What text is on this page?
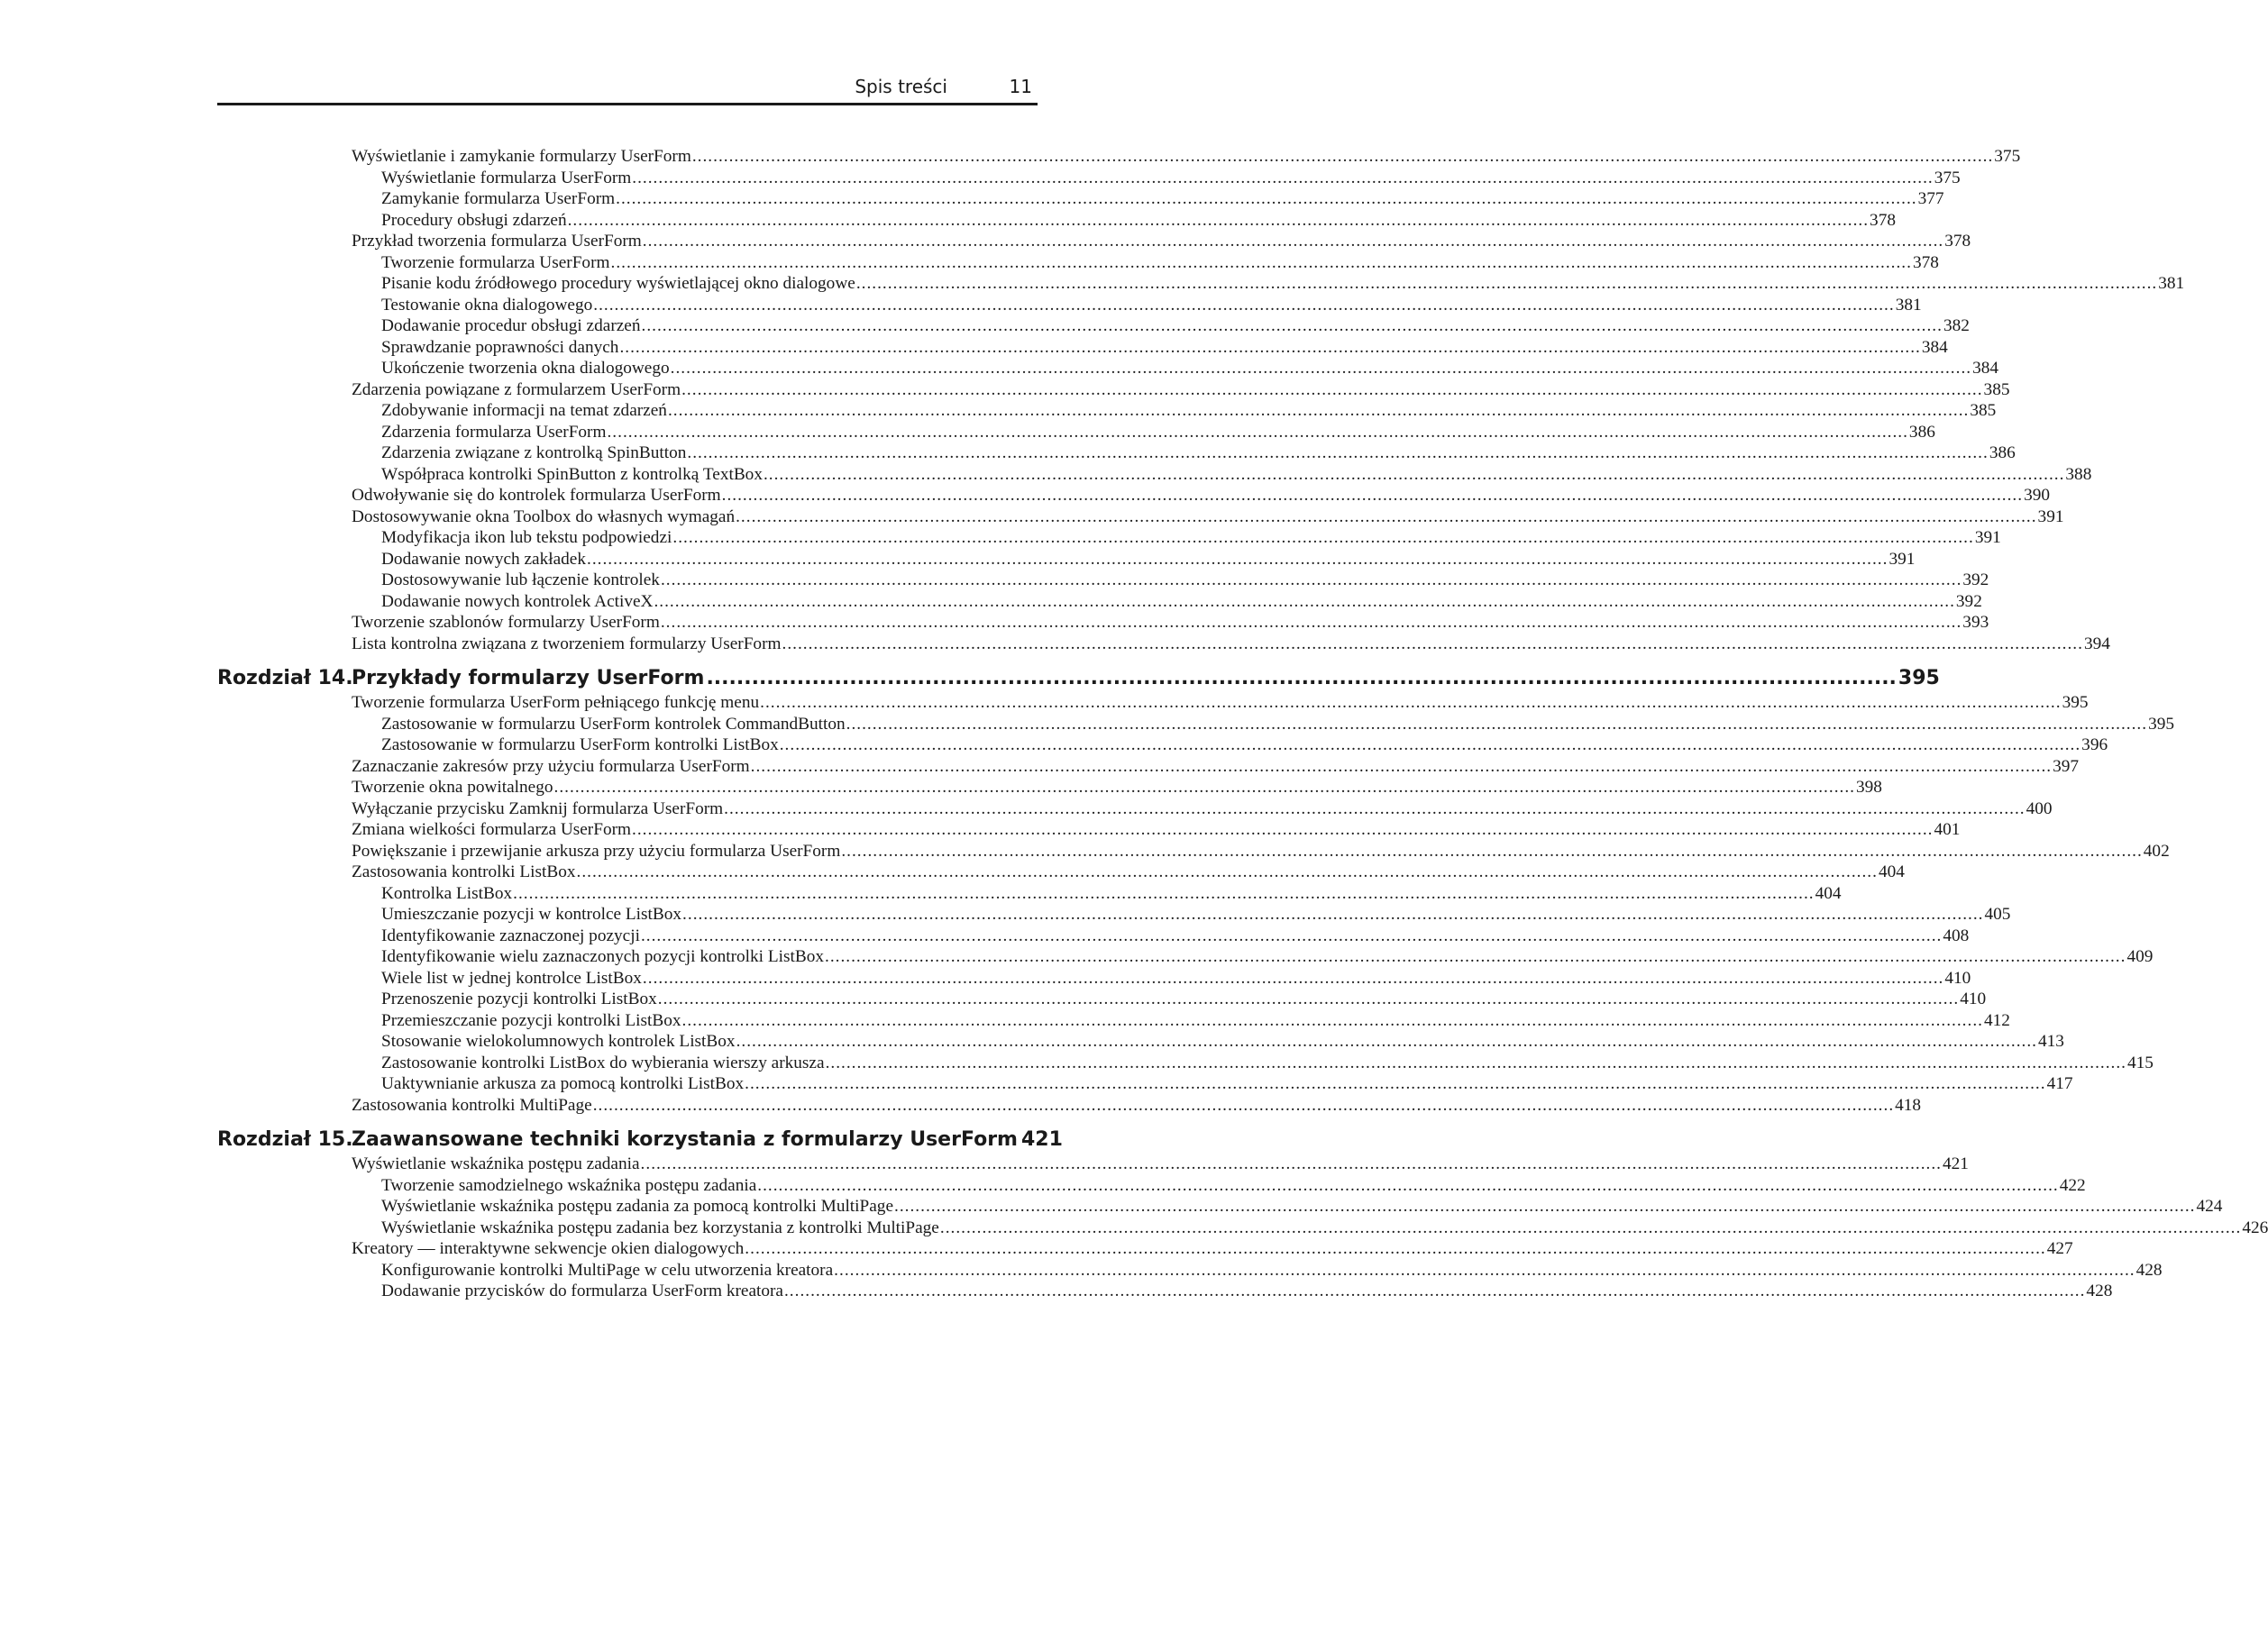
Spis treści	11
Wyświetlanie i zamykanie formularzy UserForm .....	375
Wyświetlanie formularza UserForm .....	375
Zamykanie formularza UserForm .....	377
Procedury obsługi zdarzeń .....	378
Przykład tworzenia formularza UserForm .....	378
Tworzenie formularza UserForm .....	378
Pisanie kodu źródłowego procedury wyświetlającej okno dialogowe .....	381
Testowanie okna dialogowego .....	381
Dodawanie procedur obsługi zdarzeń .....	382
Sprawdzanie poprawności danych .....	384
Ukończenie tworzenia okna dialogowego .....	384
Zdarzenia powiązane z formularzem UserForm .....	385
Zdobywanie informacji na temat zdarzeń .....	385
Zdarzenia formularza UserForm .....	386
Zdarzenia związane z kontrolką SpinButton .....	386
Współpraca kontrolki SpinButton z kontrolką TextBox .....	388
Odwoływanie się do kontrolek formularza UserForm .....	390
Dostosowywanie okna Toolbox do własnych wymagań .....	391
Modyfikacja ikon lub tekstu podpowiedzi .....	391
Dodawanie nowych zakładek .....	391
Dostosowywanie lub łączenie kontrolek .....	392
Dodawanie nowych kontrolek ActiveX .....	392
Tworzenie szablonów formularzy UserForm .....	393
Lista kontrolna związana z tworzeniem formularzy UserForm .....	394
Rozdział 14.
Przykłady formularzy UserForm .....	395
Tworzenie formularza UserForm pełniącego funkcję menu .....	395
Zastosowanie w formularzu UserForm kontrolek CommandButton .....	395
Zastosowanie w formularzu UserForm kontrolki ListBox .....	396
Zaznaczanie zakresów przy użyciu formularza UserForm .....	397
Tworzenie okna powitalnego .....	398
Wyłączanie przycisku Zamknij formularza UserForm .....	400
Zmiana wielkości formularza UserForm .....	401
Powiększanie i przewijanie arkusza przy użyciu formularza UserForm .....	402
Zastosowania kontrolki ListBox .....	404
Kontrolka ListBox .....	404
Umieszczanie pozycji w kontrolce ListBox .....	405
Identyfikowanie zaznaczonej pozycji .....	408
Identyfikowanie wielu zaznaczonych pozycji kontrolki ListBox .....	409
Wiele list w jednej kontrolce ListBox .....	410
Przenoszenie pozycji kontrolki ListBox .....	410
Przemieszczanie pozycji kontrolki ListBox .....	412
Stosowanie wielokolumnowych kontrolek ListBox .....	413
Zastosowanie kontrolki ListBox do wybierania wierszy arkusza .....	415
Uaktywnianie arkusza za pomocą kontrolki ListBox .....	417
Zastosowania kontrolki MultiPage .....	418
Rozdział 15.
Zaawansowane techniki korzystania z formularzy UserForm 421
Wyświetlanie wskaźnika postępu zadania .....	421
Tworzenie samodzielnego wskaźnika postępu zadania .....	422
Wyświetlanie wskaźnika postępu zadania za pomocą kontrolki MultiPage .....	424
Wyświetlanie wskaźnika postępu zadania bez korzystania z kontrolki MultiPage .....	426
Kreatory — interaktywne sekwencje okien dialogowych .....	427
Konfigurowanie kontrolki MultiPage w celu utworzenia kreatora .....	428
Dodawanie przycisków do formularza UserForm kreatora .....	428
